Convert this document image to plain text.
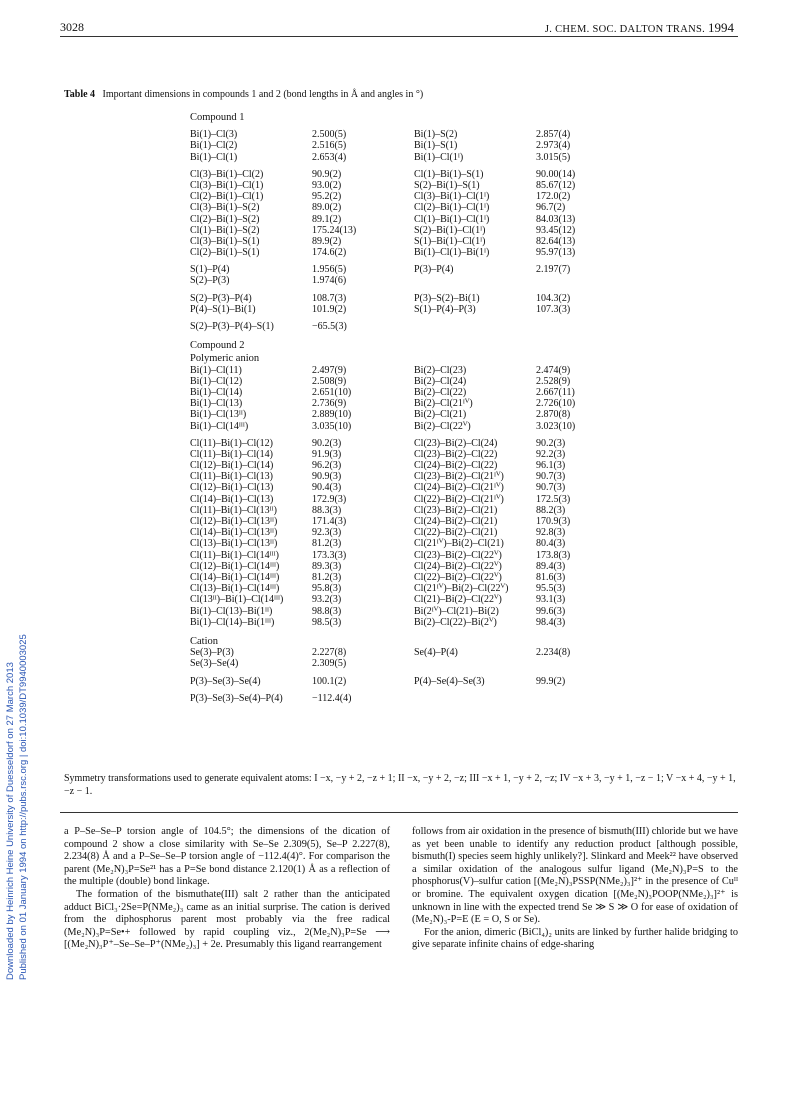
3028	J. CHEM. SOC. DALTON TRANS. 1994
Downloaded by Heinrich Heine University of Duesseldorf on 27 March 2013 Published on 01 January 1994 on http://pubs.rsc.org | doi:10.1039/DT9940003025
Table 4 Important dimensions in compounds 1 and 2 (bond lengths in Å and angles in °)
Compound 1
Bi(1)–Cl(3)	2.500(5)	Bi(1)–S(2)	2.857(4)
Bi(1)–Cl(2)	2.516(5)	Bi(1)–S(1)	2.973(4)
Bi(1)–Cl(1)	2.653(4)	Bi(1)–Cl(1ᴵ)	3.015(5)
Cl(3)–Bi(1)–Cl(2)	90.9(2)	Cl(1)–Bi(1)–S(1)	90.00(14)
Cl(3)–Bi(1)–Cl(1)	93.0(2)	S(2)–Bi(1)–S(1)	85.67(12)
Cl(2)–Bi(1)–Cl(1)	95.2(2)	Cl(3)–Bi(1)–Cl(1ᴵ)	172.0(2)
Cl(3)–Bi(1)–S(2)	89.0(2)	Cl(2)–Bi(1)–Cl(1ᴵ)	96.7(2)
Cl(2)–Bi(1)–S(2)	89.1(2)	Cl(1)–Bi(1)–Cl(1ᴵ)	84.03(13)
Cl(1)–Bi(1)–S(2)	175.24(13)	S(2)–Bi(1)–Cl(1ᴵ)	93.45(12)
Cl(3)–Bi(1)–S(1)	89.9(2)	S(1)–Bi(1)–Cl(1ᴵ)	82.64(13)
Cl(2)–Bi(1)–S(1)	174.6(2)	Bi(1)–Cl(1)–Bi(1ᴵ)	95.97(13)
S(1)–P(4)	1.956(5)	P(3)–P(4)	2.197(7)
S(2)–P(3)	1.974(6)
S(2)–P(3)–P(4)	108.7(3)	P(3)–S(2)–Bi(1)	104.3(2)
P(4)–S(1)–Bi(1)	101.9(2)	S(1)–P(4)–P(3)	107.3(3)
S(2)–P(3)–P(4)–S(1)	−65.5(3)
Compound 2
Polymeric anion
Bi(1)–Cl(11)	2.497(9)	Bi(2)–Cl(23)	2.474(9)
Bi(1)–Cl(12)	2.508(9)	Bi(2)–Cl(24)	2.528(9)
Bi(1)–Cl(14)	2.651(10)	Bi(2)–Cl(22)	2.667(11)
Bi(1)–Cl(13)	2.736(9)	Bi(2)–Cl(21ᴵⱽ)	2.726(10)
Bi(1)–Cl(13ᴵᴵ)	2.889(10)	Bi(2)–Cl(21)	2.870(8)
Bi(1)–Cl(14ᴵᴵᴵ)	3.035(10)	Bi(2)–Cl(22ⱽ)	3.023(10)
Cl(11)–Bi(1)–Cl(12)	90.2(3)	Cl(23)–Bi(2)–Cl(24)	90.2(3)
Cl(11)–Bi(1)–Cl(14)	91.9(3)	Cl(23)–Bi(2)–Cl(22)	92.2(3)
Cl(12)–Bi(1)–Cl(14)	96.2(3)	Cl(24)–Bi(2)–Cl(22)	96.1(3)
Cl(11)–Bi(1)–Cl(13)	90.9(3)	Cl(23)–Bi(2)–Cl(21ᴵⱽ)	90.7(3)
Cl(12)–Bi(1)–Cl(13)	90.4(3)	Cl(24)–Bi(2)–Cl(21ᴵⱽ)	90.7(3)
Cl(14)–Bi(1)–Cl(13)	172.9(3)	Cl(22)–Bi(2)–Cl(21ᴵⱽ)	172.5(3)
Cl(11)–Bi(1)–Cl(13ᴵᴵ)	88.3(3)	Cl(23)–Bi(2)–Cl(21)	88.2(3)
Cl(12)–Bi(1)–Cl(13ᴵᴵ)	171.4(3)	Cl(24)–Bi(2)–Cl(21)	170.9(3)
Cl(14)–Bi(1)–Cl(13ᴵᴵ)	92.3(3)	Cl(22)–Bi(2)–Cl(21)	92.8(3)
Cl(13)–Bi(1)–Cl(13ᴵᴵ)	81.2(3)	Cl(21ᴵⱽ)–Bi(2)–Cl(21)	80.4(3)
Cl(11)–Bi(1)–Cl(14ᴵᴵᴵ)	173.3(3)	Cl(23)–Bi(2)–Cl(22ⱽ)	173.8(3)
Cl(12)–Bi(1)–Cl(14ᴵᴵᴵ)	89.3(3)	Cl(24)–Bi(2)–Cl(22ⱽ)	89.4(3)
Cl(14)–Bi(1)–Cl(14ᴵᴵᴵ)	81.2(3)	Cl(22)–Bi(2)–Cl(22ⱽ)	81.6(3)
Cl(13)–Bi(1)–Cl(14ᴵᴵᴵ)	95.8(3)	Cl(21ᴵⱽ)–Bi(2)–Cl(22ⱽ)	95.5(3)
Cl(13ᴵᴵ)–Bi(1)–Cl(14ᴵᴵᴵ)	93.2(3)	Cl(21)–Bi(2)–Cl(22ⱽ)	93.1(3)
Bi(1)–Cl(13)–Bi(1ᴵᴵ)	98.8(3)	Bi(2ᴵⱽ)–Cl(21)–Bi(2)	99.6(3)
Bi(1)–Cl(14)–Bi(1ᴵᴵᴵ)	98.5(3)	Bi(2)–Cl(22)–Bi(2ⱽ)	98.4(3)
Cation
Se(3)–P(3)	2.227(8)	Se(4)–P(4)	2.234(8)
Se(3)–Se(4)	2.309(5)
P(3)–Se(3)–Se(4)	100.1(2)	P(4)–Se(4)–Se(3)	99.9(2)
P(3)–Se(3)–Se(4)–P(4)	−112.4(4)
Symmetry transformations used to generate equivalent atoms: I −x, −y + 2, −z + 1; II −x, −y + 2, −z; III −x + 1, −y + 2, −z; IV −x + 3, −y + 1, −z − 1; V −x + 4, −y + 1, −z − 1.

a P–Se–Se–P torsion angle of 104.5°; the dimensions of the dication of compound 2 show a close similarity with Se–Se 2.309(5), Se–P 2.227(8), 2.234(8) Å and a P–Se–Se–P torsion angle of −112.4(4)°. For comparison the parent (Me₂N)₃P=Se²¹ has a P=Se bond distance 2.120(1) Å as a reflection of the multiple (double) bond linkage.

The formation of the bismuthate(III) salt 2 rather than the anticipated adduct BiCl₃·2Se=P(NMe₂)₃ came as an initial surprise. The cation is derived from the diphosphorus parent most probably via the free radical (Me₂N)₃P=Se•+ followed by rapid coupling viz., 2(Me₂N)₃P=Se ⟶ [(Me₂N)₃P⁺–Se–Se–P⁺(NMe₂)₃] + 2e. Presumably this ligand rearrangement

follows from air oxidation in the presence of bismuth(III) chloride but we have as yet been unable to identify any reduction product [although possible, bismuth(I) species seem highly unlikely?]. Slinkard and Meek²² have observed a similar oxidation of the analogous sulfur ligand (Me₂N)₃P=S to the phosphorus(V)–sulfur cation [(Me₂N)₃PSSP(NMe₂)₃]²⁺ in the presence of Cuᴵᴵ or bromine. The equivalent oxygen dication [(Me₂N)₃POOP(NMe₂)₃]²⁺ is unknown in line with the expected trend Se ≫ S ≫ O for ease of oxidation of (Me₂N)₃-P=E (E = O, S or Se).

For the anion, dimeric (BiCl₄)₂ units are linked by further halide bridging to give separate infinite chains of edge-sharing
